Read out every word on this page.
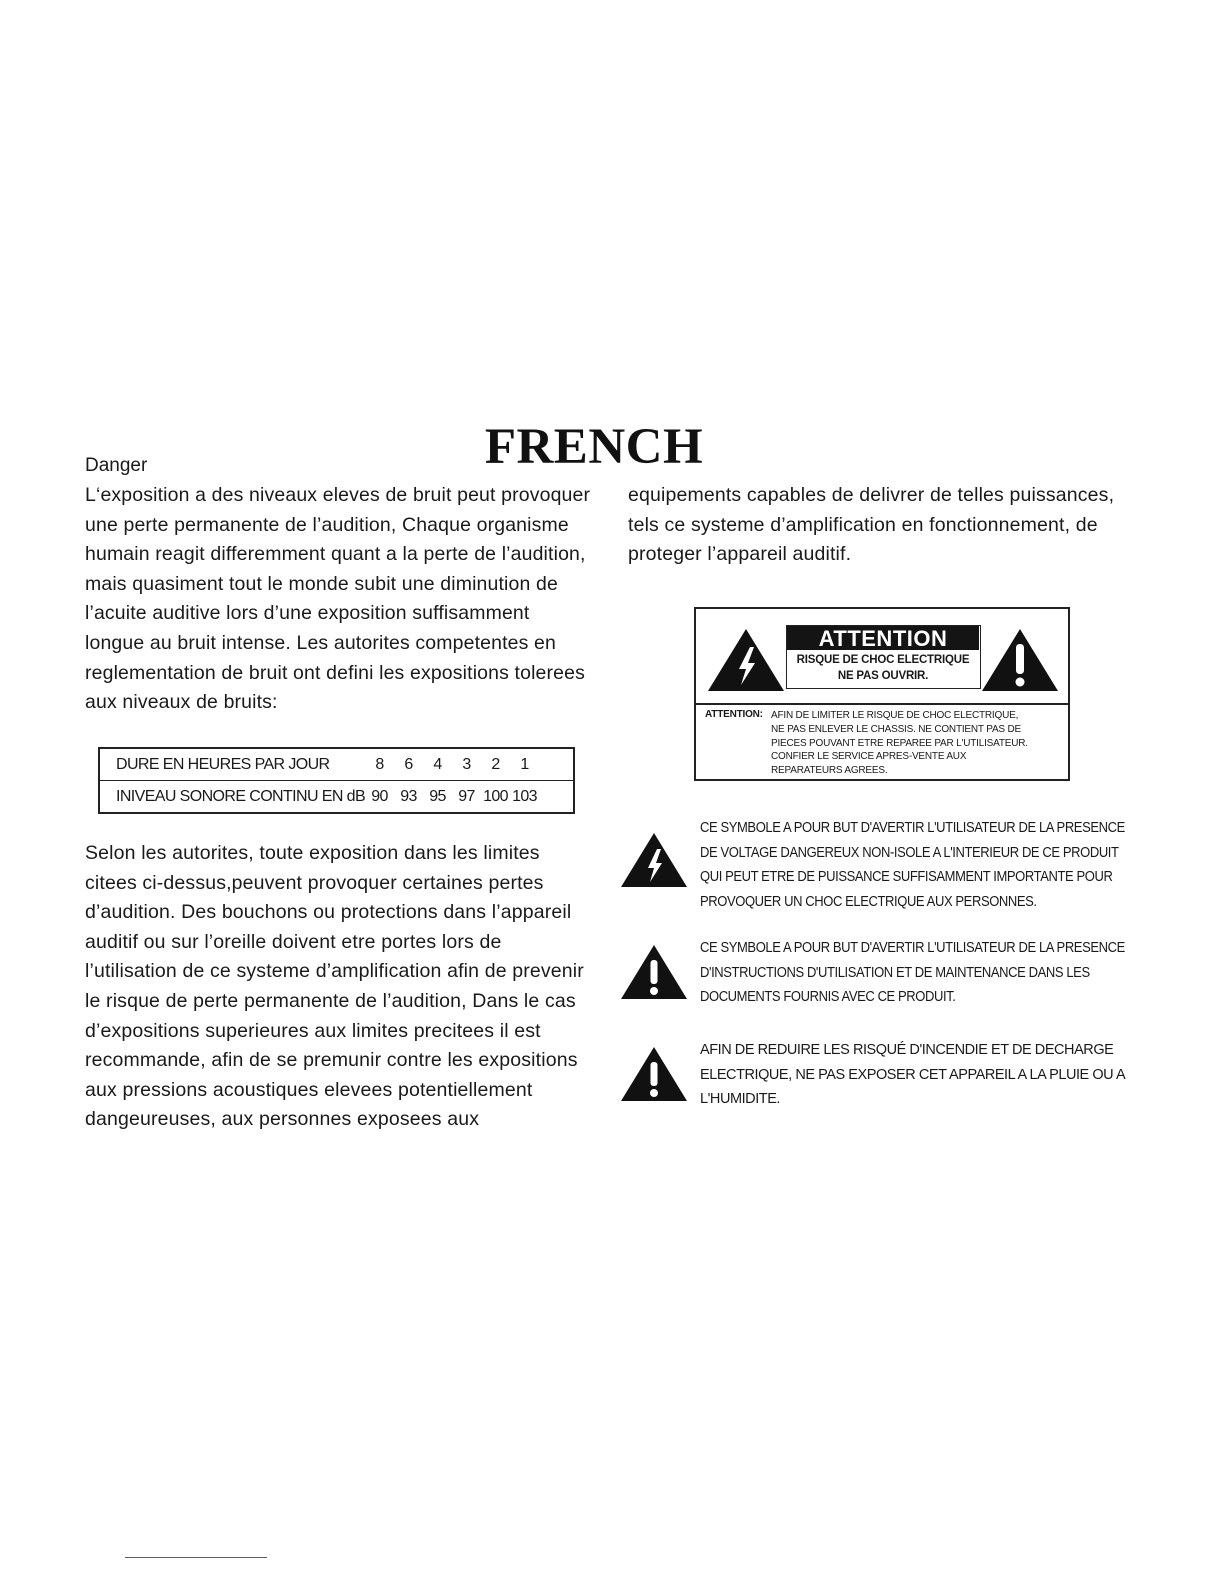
FRENCH
Danger

L‘exposition a des niveaux eleves de bruit peut provoquer
une perte permanente de l’audition, Chaque organisme
humain reagit differemment quant a la perte de l’audition,
mais quasiment tout le monde subit une diminution de
l’acuite auditive lors d’une exposition suffisamment
longue au bruit intense. Les autorites competentes en
reglementation de bruit ont defini les expositions tolerees
aux niveaux de bruits:

DURE EN HEURES PAR JOUR	8	6	4	3	2	1	
INIVEAU SONORE CONTINU EN dB	90	93	95	97	100	103	

Selon les autorites, toute exposition dans les limites
citees ci-dessus,peuvent provoquer certaines pertes
d’audition. Des bouchons ou protections dans l’appareil
auditif ou sur l’oreille doivent etre portes lors de
l’utilisation de ce systeme d’amplification afin de prevenir
le risque de perte permanente de l’audition, Dans le cas
d’expositions superieures aux limites precitees il est
recommande, afin de se premunir contre les expositions
aux pressions acoustiques elevees potentiellement
dangeureuses, aux personnes exposees aux

equipements capables de delivrer de telles puissances,
tels ce systeme d’amplification en fonctionnement, de
proteger l’appareil auditif.

ATTENTION
RISQUE DE CHOC ELECTRIQUE
NE PAS OUVRIR.
ATTENTION: AFIN DE LIMITER LE RISQUE DE CHOC ELECTRIQUE,
NE PAS ENLEVER LE CHASSIS. NE CONTIENT PAS DE
PIECES POUVANT ETRE REPAREE PAR L'UTILISATEUR.
CONFIER LE SERVICE APRES-VENTE AUX
REPARATEURS AGREES.
CE SYMBOLE A POUR BUT D'AVERTIR L'UTILISATEUR DE LA PRESENCE
DE VOLTAGE DANGEREUX NON-ISOLE A L'INTERIEUR DE CE PRODUIT
QUI PEUT ETRE DE PUISSANCE SUFFISAMMENT IMPORTANTE POUR
PROVOQUER UN CHOC ELECTRIQUE AUX PERSONNES.
CE SYMBOLE A POUR BUT D'AVERTIR L'UTILISATEUR DE LA PRESENCE
D'INSTRUCTIONS D'UTILISATION ET DE MAINTENANCE DANS LES
DOCUMENTS FOURNIS AVEC CE PRODUIT.
AFIN DE REDUIRE LES RISQUÉ D'INCENDIE ET DE DECHARGE
ELECTRIQUE, NE PAS EXPOSER CET APPAREIL A LA PLUIE OU A
L'HUMIDITE.
